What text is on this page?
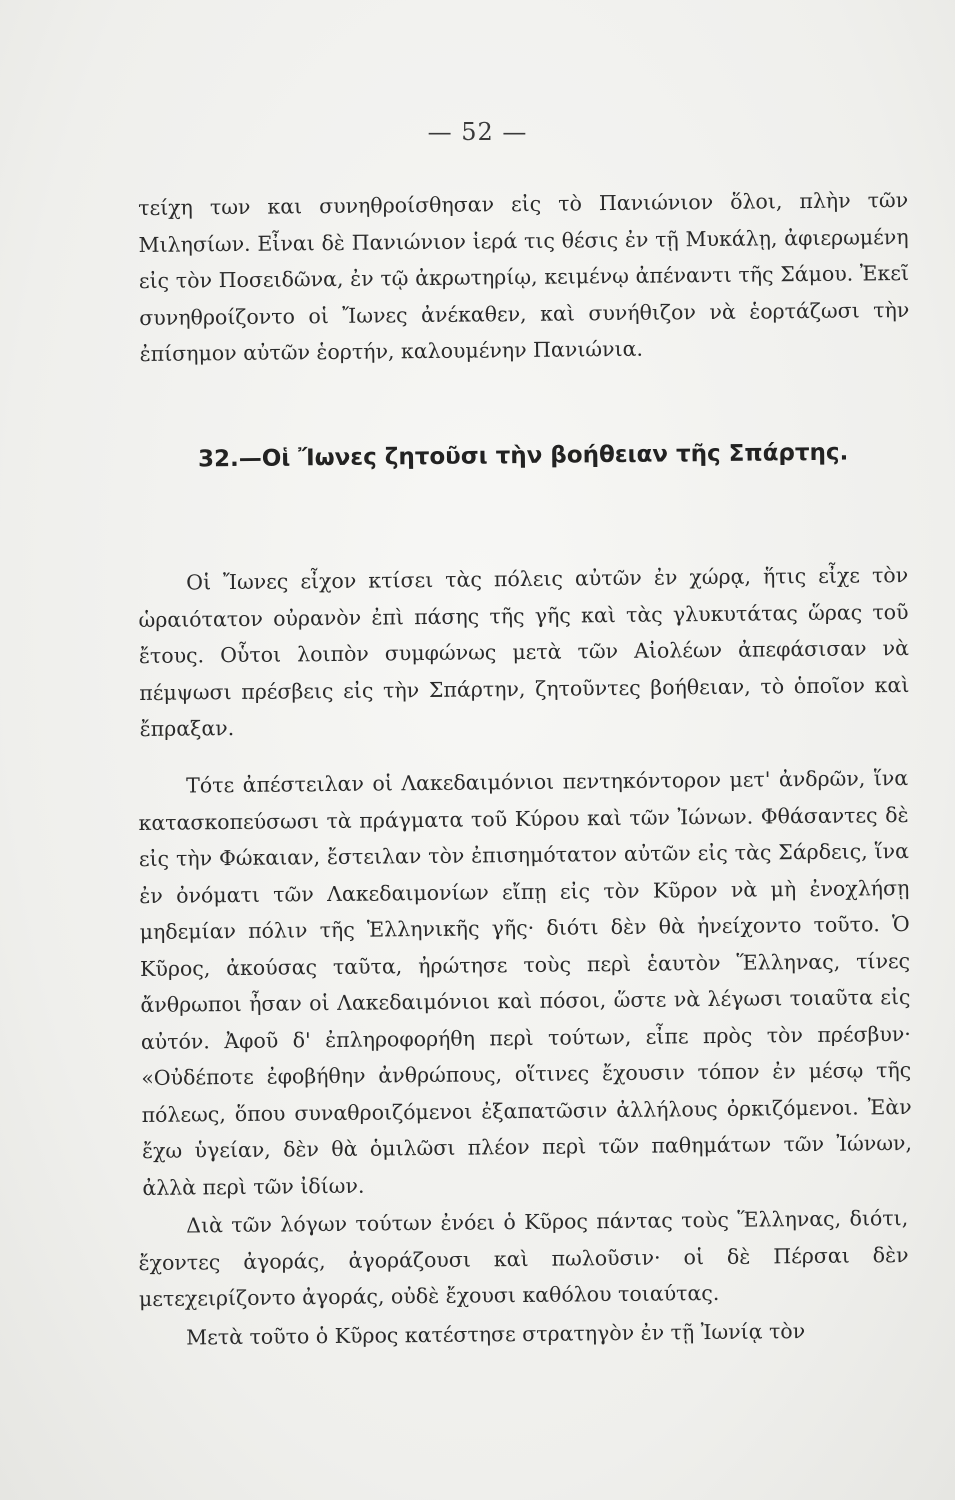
— 52 —

τείχη των και συνηθροίσθησαν εἰς τὸ Πανιώνιον ὅλοι, πλὴν τῶν Μιλησίων. Εἶναι δὲ Πανιώνιον ἱερά τις θέσις ἐν τῇ Μυκάλῃ, ἀφιερωμένη εἰς τὸν Ποσειδῶνα, ἐν τῷ ἀκρωτηρίῳ, κειμένῳ ἀπέναντι τῆς Σάμου. Ἐκεῖ συνηθροίζοντο οἱ Ἴωνες ἀνέκαθεν, καὶ συνήθιζον νὰ ἑορτάζωσι τὴν ἐπίσημον αὐτῶν ἑορτήν, καλουμένην Πανιώνια.

32.—Οἱ Ἴωνες ζητοῦσι τὴν βοήθειαν τῆς Σπάρτης.

Οἱ Ἴωνες εἶχον κτίσει τὰς πόλεις αὐτῶν ἐν χώρᾳ, ἥτις εἶχε τὸν ὡραιότατον οὐρανὸν ἐπὶ πάσης τῆς γῆς καὶ τὰς γλυκυτάτας ὥρας τοῦ ἔτους. Οὗτοι λοιπὸν συμφώνως μετὰ τῶν Αἰολέων ἀπεφάσισαν νὰ πέμψωσι πρέσβεις εἰς τὴν Σπάρτην, ζητοῦντες βοήθειαν, τὸ ὁποῖον καὶ ἔπραξαν.

Τότε ἀπέστειλαν οἱ Λακεδαιμόνιοι πεντηκόντορον μετ' ἀνδρῶν, ἵνα κατασκοπεύσωσι τὰ πράγματα τοῦ Κύρου καὶ τῶν Ἰώνων. Φθάσαντες δὲ εἰς τὴν Φώκαιαν, ἔστειλαν τὸν ἐπισημότατον αὐτῶν εἰς τὰς Σάρδεις, ἵνα ἐν ὀνόματι τῶν Λακεδαιμονίων εἴπῃ εἰς τὸν Κῦρον νὰ μὴ ἐνοχλήσῃ μηδεμίαν πόλιν τῆς Ἑλληνικῆς γῆς· διότι δὲν θὰ ἠνείχοντο τοῦτο. Ὁ Κῦρος, ἀκούσας ταῦτα, ἠρώτησε τοὺς περὶ ἑαυτὸν Ἕλληνας, τίνες ἄνθρωποι ἦσαν οἱ Λακεδαιμόνιοι καὶ πόσοι, ὥστε νὰ λέγωσι τοιαῦτα εἰς αὐτόν. Ἀφοῦ δ' ἐπληροφορήθη περὶ τούτων, εἶπε πρὸς τὸν πρέσβυν· «Οὐδέποτε ἐφοβήθην ἀνθρώπους, οἵτινες ἔχουσιν τόπον ἐν μέσῳ τῆς πόλεως, ὅπου συναθροιζόμενοι ἐξαπατῶσιν ἀλλήλους ὀρκιζόμενοι. Ἐὰν ἔχω ὑγείαν, δὲν θὰ ὁμιλῶσι πλέον περὶ τῶν παθημάτων τῶν Ἰώνων, ἀλλὰ περὶ τῶν ἰδίων.

Διὰ τῶν λόγων τούτων ἐνόει ὁ Κῦρος πάντας τοὺς Ἕλληνας, διότι, ἔχοντες ἀγοράς, ἀγοράζουσι καὶ πωλοῦσιν· οἱ δὲ Πέρσαι δὲν μετεχειρίζοντο ἀγοράς, οὐδὲ ἔχουσι καθόλου τοιαύτας.

Μετὰ τοῦτο ὁ Κῦρος κατέστησε στρατηγὸν ἐν τῇ Ἰωνίᾳ τὸν
